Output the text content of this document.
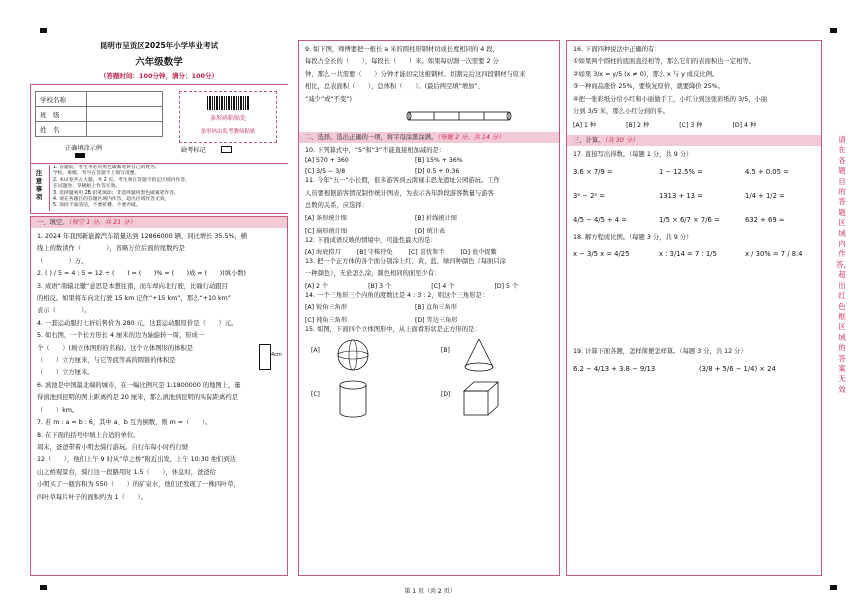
昆明市呈贡区2025年小学毕业考试
六年级数学
（答题时间：100分钟，满分：100分）
学校名称	
班　级	
姓　名	
条形码粘贴处
条形码由监考教师粘贴
正确填涂示例	缺考标记
注意事项
1. 答题前，考生务必用黑色碳素笔将自己的姓名、
学校、班级、考号在答题卡上填写清楚。
2. 本试卷共五大题，共 2 页。考生须在答题卡指定区域内作答，
在试题卷、草稿纸上作答无效。
3. 选择题须用 2B 铅笔填涂；非选择题用黑色碳素笔作答。
4. 请在各题目的答题区域内作答，超出区域作答无效。
5. 保持卡面清洁，不要折叠、不要弄破。
一、填空。（每空 1 分，共 21 分）
1. 2024 年我国新能源汽车销量达到 12866000 辆，同比增长 35.5%，横
线上的数读作（　　　　），省略万位后面的尾数约是
（　　　　）万。
2. ( ) / 5 = 4 : 5 = 12 ÷ (　　) = (　　)% = (　　)成 = (　　)(填小数)
3. 成语“南辕北辙”意思是本想往南，而车却向北行驶，比喻行动跟目
的相反。如果将车向北行驶 15 km 记作“+15 km”，那么“+10 km”
表示（　　　　）。
4. 一套运动服打七折后售价为 280 元，这套运动服原价是（　　）元。
5. 如右图，一个长方形长 4 厘米的边为轴旋转一周，形成一
个（　　）(填立体图形的名称)。这个立体图形的体积是
（　　）立方厘米，与它等底等高的圆锥的体积是
（　　）立方厘米。
4cm
6. 滇池是中国最北端的城市，在一幅比例尺是 1:1800000 的地图上，量
得滇池到昆明的图上距离约是 20 厘米，那么滇池到昆明的实际距离约是
（　　）km。
7. 若 m : a = b : 6，其中 a、b 互为倒数，则 m =（　　）。
8. 在下面的括号中填上合适的单位。
周末，爸爸带着小明去骑行游玩。自行车每小时约行驶
12（　　），他们上午 9 时从“草之桥”附近出发，上午 10:30 他们到达
山之桥观景台，骑行这一段路用时 1.5（　　），休息时，爸爸给
小明买了一瓶容积为 550（　　）的矿泉水，他们还发现了一株四叶草，
四叶草每片叶子的面积约为 1（　　）。
9. 如下图，师傅要把一根长 a 米的圆柱形钢材切成长度相同的 4 段，
每段占全长的（　　），每段长（　　）米。如果每切割一次需要 2 分
钟，那么一共需要（　　）分钟才能切完这根钢材。切割完后这四段钢材与原来
相比，总表面积（　　），总体积（　　）。(最后两空填“增加”、
“减少”或“不变”)
二、选择。选出正确的一项，将字母涂黑涂满。（每题 2 分，共 14 分）
10. 下列算式中，“5”和“3”不能直接相加减的是：
[A] 570 + 360	[B] 15% + 36%
[C] 3/5 − 3/8	[D] 0.5 + 0.36
11. 今年“五一”小长假，很多游客到云南禄丰恐龙遗址公园游玩。工作
人员要根据游客情况制作统计图表，为表示各年龄段游客数量与游客
总数的关系，应选择：
[A] 条形统计图	[B] 折线统计图
[C] 扇形统计图	[D] 统计表
12. 下面成语反映的情境中，可能性最大的是：
[A] 海底捞月	[B] 守株待兔	[C] 喜忧参半	[D] 瓮中捉鳖
13. 把一个正方体的各个面分别涂上红、黄、蓝、绿四种颜色（每面只涂
一种颜色），无论怎么涂，颜色相同的面至少有：
[A] 2 个	[B] 3 个	[C] 4 个	[D] 5 个
14. 一个三角形三个内角的度数比是 4 : 3 : 2，则这个三角形是：
[A] 锐角三角形	[B] 直角三角形
[C] 钝角三角形	[D] 等边三角形
15. 如图，下面四个立体图形中，从上面看形状是正方形的是：
[A]	[B]
[C]	[D]
16. 下面四种说法中正确的有：
①如果两个圆柱的底面直径相等，那么它们的表面积也一定相等。
②如果 3/x = y/5 (x ≠ 0)，那么 x 与 y 成反比例。
③一种商品涨价 25%，要恢复原价，就要降价 25%。
④把一张彩纸分给小红和小丽做手工，小红分到这张彩纸的 3/5，小丽
分到 3/5 米，那么小红分到的多。
[A] 1 种	[B] 2 种	[C] 3 种	[D] 4 种
三、计算。（共 30 分）
17. 直接写出得数。（每题 1 分，共 9 分）
3.6 × 7/9 =	1 − 12.5% =	4.5 + 0.05 =
3² − 2² =	1313 + 13 =	1/4 + 1/2 =
4/5 − 4/5 + 4 =	1/5 × 6/7 × 7/6 =	632 + 69 ≈
18. 解方程或比例。（每题 3 分，共 9 分）
x − 3/5 x = 4/25	x : 3/14 = 7 : 1/5	x / 30% = 7 / 8.4
19. 计算下面各题，怎样简便怎样算。（每题 3 分，共 12 分）
6.2 − 4/13 + 3.8 − 9/13	(3/8 + 5/6 − 1/4) × 24
请在各题目的答题区域内作答，超出红色框区域的答案无效
第 1 页（共 2 页）
